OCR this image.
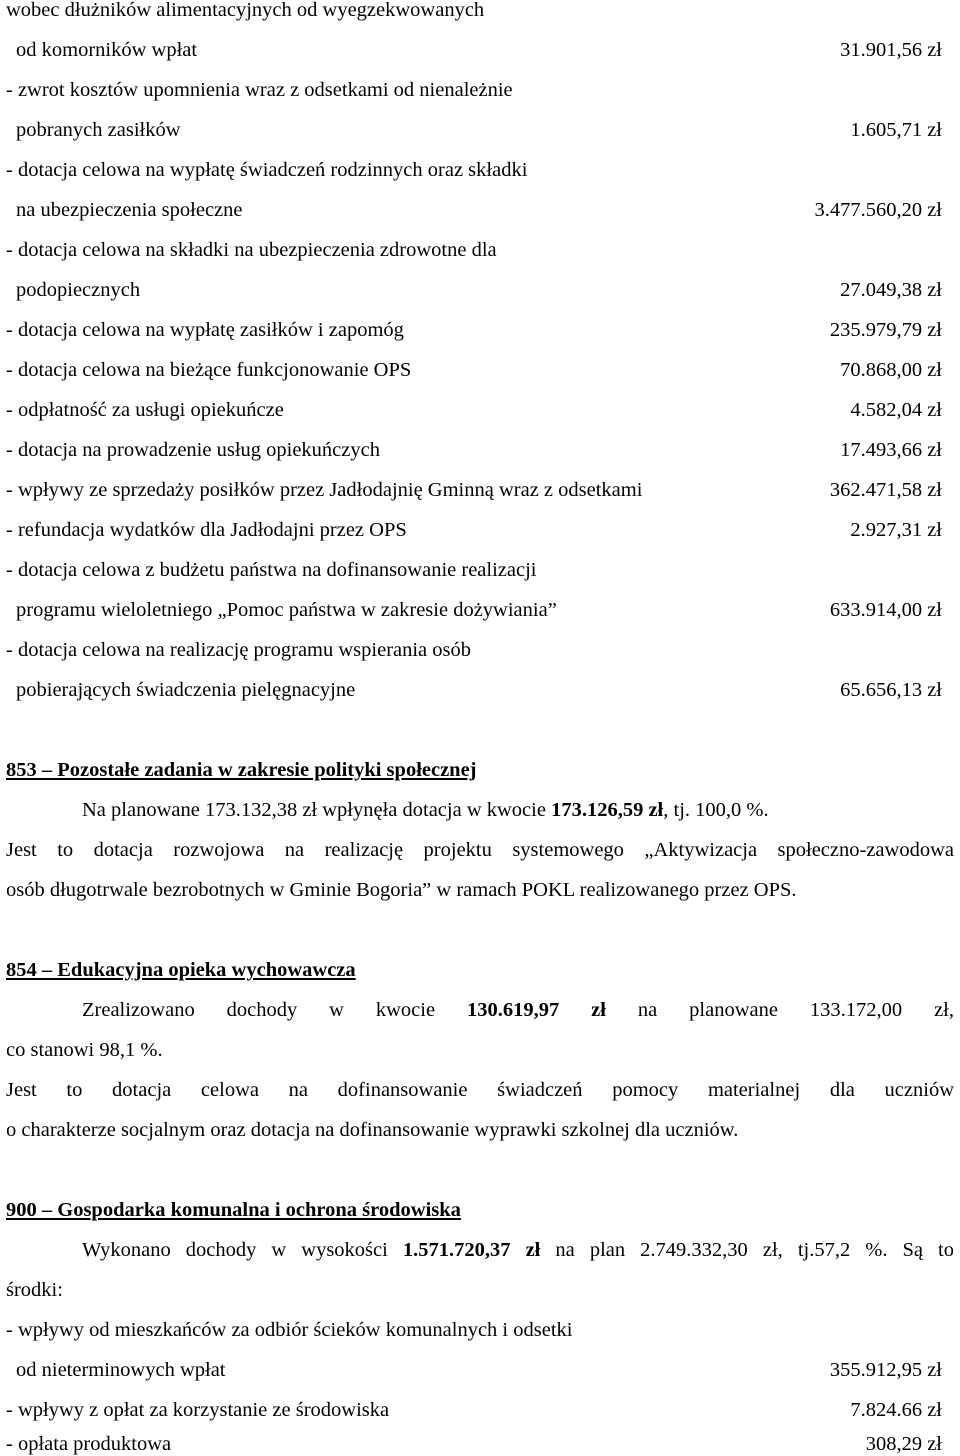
wobec dłużników alimentacyjnych od wyegzekwowanych
od komorników wpłat	31.901,56 zł
- zwrot kosztów upomnienia wraz z odsetkami od nienależnie
pobranych zasiłków	1.605,71 zł
- dotacja celowa na wypłatę świadczeń rodzinnych oraz składki
na ubezpieczenia społeczne	3.477.560,20 zł
- dotacja celowa na składki na ubezpieczenia zdrowotne dla
podopiecznych	27.049,38 zł
- dotacja celowa na wypłatę zasiłków i zapomóg	235.979,79 zł
- dotacja celowa na bieżące funkcjonowanie OPS	70.868,00 zł
- odpłatność za usługi opiekuńcze	4.582,04 zł
- dotacja na prowadzenie usług opiekuńczych	17.493,66 zł
- wpływy ze sprzedaży posiłków przez Jadłodajnię Gminną wraz z odsetkami	362.471,58 zł
- refundacja wydatków dla Jadłodajni przez OPS	2.927,31 zł
- dotacja celowa z budżetu państwa na dofinansowanie realizacji
programu wieloletniego „Pomoc państwa w zakresie dożywiania”	633.914,00 zł
- dotacja celowa na realizację programu wspierania osób
pobierających świadczenia pielęgnacyjne	65.656,13 zł
853 – Pozostałe zadania w zakresie polityki społecznej
Na planowane 173.132,38 zł wpłynęła dotacja w kwocie 173.126,59 zł, tj. 100,0 %.
Jest to dotacja rozwojowa na realizację projektu systemowego „Aktywizacja społeczno-zawodowa
osób długotrwale bezrobotnych w Gminie Bogoria” w ramach POKL realizowanego przez OPS.
854 – Edukacyjna opieka wychowawcza
Zrealizowano dochody w kwocie 130.619,97 zł na planowane 133.172,00 zł,
co stanowi 98,1 %.
Jest to dotacja celowa na dofinansowanie świadczeń pomocy materialnej dla uczniów
o charakterze socjalnym oraz dotacja na dofinansowanie wyprawki szkolnej dla uczniów.
900 – Gospodarka komunalna i ochrona środowiska
Wykonano dochody w wysokości 1.571.720,37 zł na plan 2.749.332,30 zł, tj.57,2 %. Są to
środki:
- wpływy od mieszkańców za odbiór ścieków komunalnych i odsetki
od nieterminowych wpłat	355.912,95 zł
- wpływy z opłat za korzystanie ze środowiska	7.824.66 zł
- opłata produktowa	308,29 zł
